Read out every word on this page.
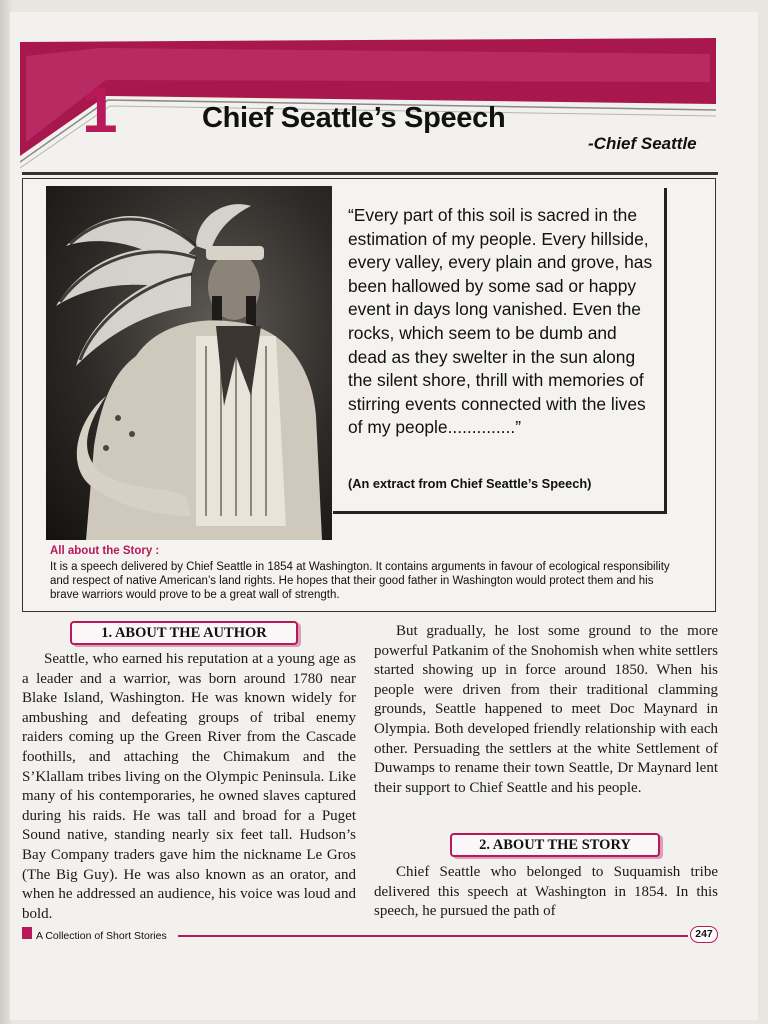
1	Chief Seattle’s Speech
-Chief Seattle
“Every part of this soil is sacred in the estimation of my people. Every hillside, every valley, every plain and grove, has been hallowed by some sad or happy event in days long vanished. Even the rocks, which seem to be dumb and dead as they swelter in the sun along the silent shore, thrill with memories of stirring events connected with the lives of my people..............”
(An extract from Chief Seattle’s Speech)
All about the Story :
It is a speech delivered by Chief Seattle in 1854 at Washington. It contains arguments in favour of ecological responsibility and respect of native American’s land rights. He hopes that their good father in Washington would protect them and his brave warriors would prove to be a great wall of strength.
1. ABOUT THE AUTHOR

Seattle, who earned his reputation at a young age as a leader and a warrior, was born around 1780 near Blake Island, Washington. He was known widely for ambushing and defeating groups of tribal enemy raiders coming up the Green River from the Cascade foothills, and attaching the Chimakum and the S’Klallam tribes living on the Olympic Peninsula. Like many of his contemporaries, he owned slaves captured during his raids. He was tall and broad for a Puget Sound native, standing nearly six feet tall. Hudson’s Bay Company traders gave him the nickname Le Gros (The Big Guy). He was also known as an orator, and when he addressed an audience, his voice was loud and bold.

But gradually, he lost some ground to the more powerful Patkanim of the Snohomish when white settlers started showing up in force around 1850. When his people were driven from their traditional clamming grounds, Seattle happened to meet Doc Maynard in Olympia. Both developed friendly relationship with each other. Persuading the settlers at the white Settlement of Duwamps to rename their town Seattle, Dr Maynard lent their support to Chief Seattle and his people.

2. ABOUT THE STORY

Chief Seattle who belonged to Suquamish tribe delivered this speech at Washington in 1854. In this speech, he pursued the path of

A Collection of Short Stories	247
